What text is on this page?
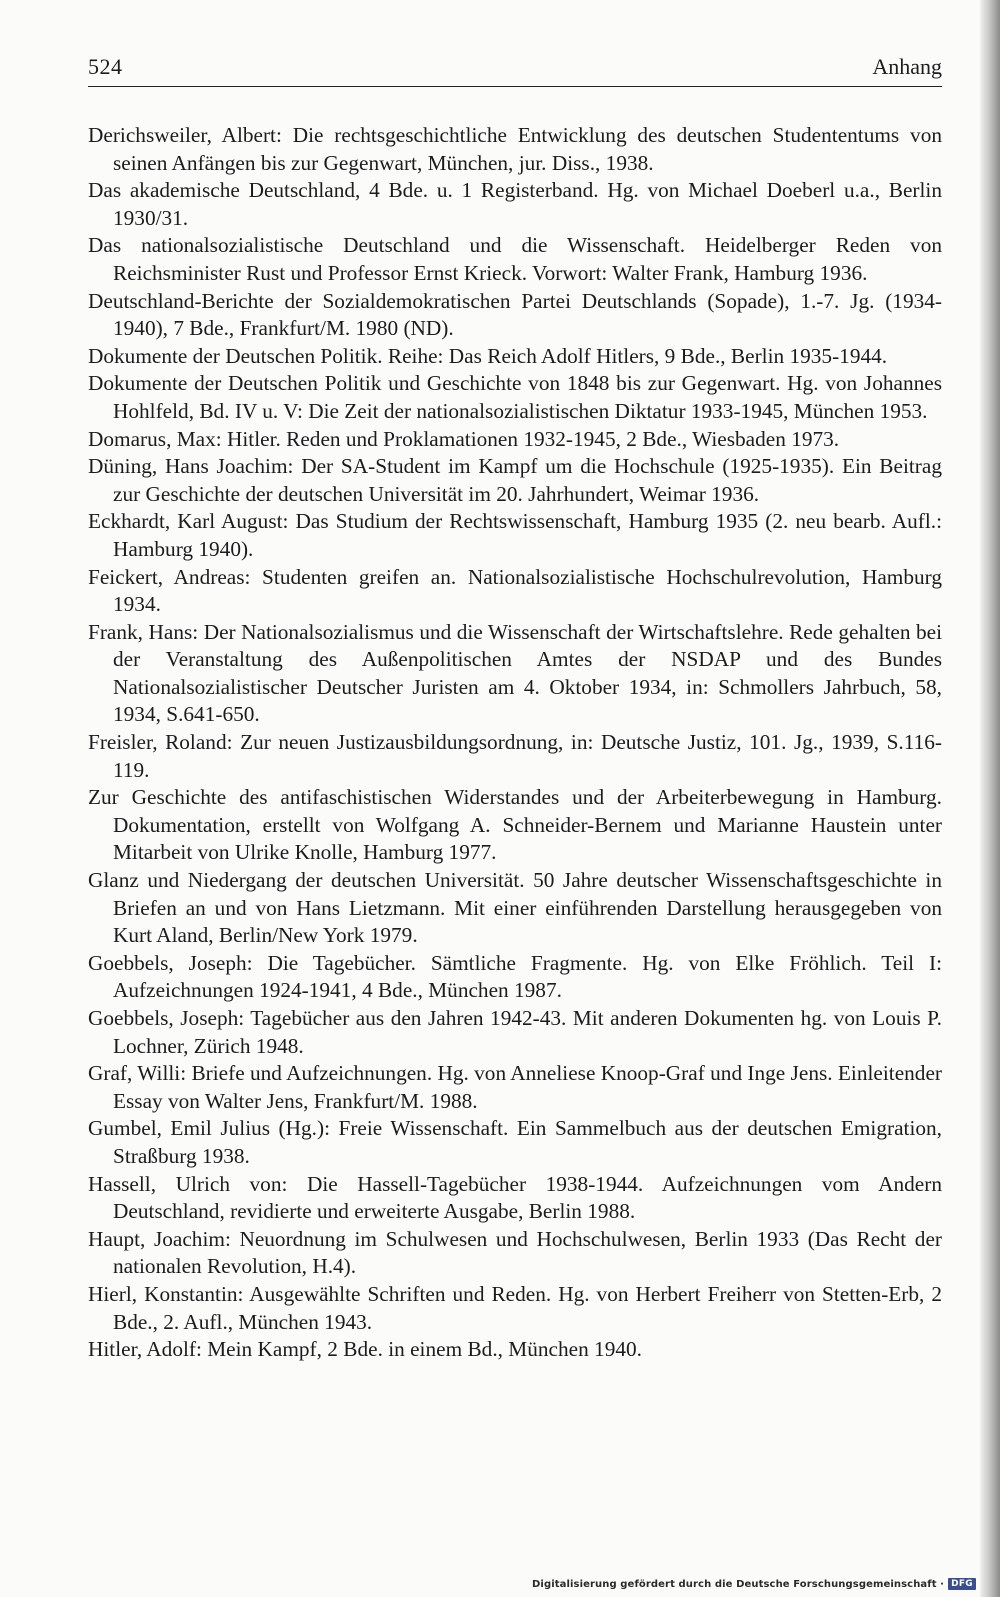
524	Anhang
Derichsweiler, Albert: Die rechtsgeschichtliche Entwicklung des deutschen Studententums von seinen Anfängen bis zur Gegenwart, München, jur. Diss., 1938.
Das akademische Deutschland, 4 Bde. u. 1 Registerband. Hg. von Michael Doeberl u.a., Berlin 1930/31.
Das nationalsozialistische Deutschland und die Wissenschaft. Heidelberger Reden von Reichsminister Rust und Professor Ernst Krieck. Vorwort: Walter Frank, Hamburg 1936.
Deutschland-Berichte der Sozialdemokratischen Partei Deutschlands (Sopade), 1.-7. Jg. (1934-1940), 7 Bde., Frankfurt/M. 1980 (ND).
Dokumente der Deutschen Politik. Reihe: Das Reich Adolf Hitlers, 9 Bde., Berlin 1935-1944.
Dokumente der Deutschen Politik und Geschichte von 1848 bis zur Gegenwart. Hg. von Johannes Hohlfeld, Bd. IV u. V: Die Zeit der nationalsozialistischen Diktatur 1933-1945, München 1953.
Domarus, Max: Hitler. Reden und Proklamationen 1932-1945, 2 Bde., Wiesbaden 1973.
Düning, Hans Joachim: Der SA-Student im Kampf um die Hochschule (1925-1935). Ein Beitrag zur Geschichte der deutschen Universität im 20. Jahrhundert, Weimar 1936.
Eckhardt, Karl August: Das Studium der Rechtswissenschaft, Hamburg 1935 (2. neu bearb. Aufl.: Hamburg 1940).
Feickert, Andreas: Studenten greifen an. Nationalsozialistische Hochschulrevolution, Hamburg 1934.
Frank, Hans: Der Nationalsozialismus und die Wissenschaft der Wirtschaftslehre. Rede gehalten bei der Veranstaltung des Außenpolitischen Amtes der NSDAP und des Bundes Nationalsozialistischer Deutscher Juristen am 4. Oktober 1934, in: Schmollers Jahrbuch, 58, 1934, S.641-650.
Freisler, Roland: Zur neuen Justizausbildungsordnung, in: Deutsche Justiz, 101. Jg., 1939, S.116-119.
Zur Geschichte des antifaschistischen Widerstandes und der Arbeiterbewegung in Hamburg. Dokumentation, erstellt von Wolfgang A. Schneider-Bernem und Marianne Haustein unter Mitarbeit von Ulrike Knolle, Hamburg 1977.
Glanz und Niedergang der deutschen Universität. 50 Jahre deutscher Wissenschaftsgeschichte in Briefen an und von Hans Lietzmann. Mit einer einführenden Darstellung herausgegeben von Kurt Aland, Berlin/New York 1979.
Goebbels, Joseph: Die Tagebücher. Sämtliche Fragmente. Hg. von Elke Fröhlich. Teil I: Aufzeichnungen 1924-1941, 4 Bde., München 1987.
Goebbels, Joseph: Tagebücher aus den Jahren 1942-43. Mit anderen Dokumenten hg. von Louis P. Lochner, Zürich 1948.
Graf, Willi: Briefe und Aufzeichnungen. Hg. von Anneliese Knoop-Graf und Inge Jens. Einleitender Essay von Walter Jens, Frankfurt/M. 1988.
Gumbel, Emil Julius (Hg.): Freie Wissenschaft. Ein Sammelbuch aus der deutschen Emigration, Straßburg 1938.
Hassell, Ulrich von: Die Hassell-Tagebücher 1938-1944. Aufzeichnungen vom Andern Deutschland, revidierte und erweiterte Ausgabe, Berlin 1988.
Haupt, Joachim: Neuordnung im Schulwesen und Hochschulwesen, Berlin 1933 (Das Recht der nationalen Revolution, H.4).
Hierl, Konstantin: Ausgewählte Schriften und Reden. Hg. von Herbert Freiherr von Stetten-Erb, 2 Bde., 2. Aufl., München 1943.
Hitler, Adolf: Mein Kampf, 2 Bde. in einem Bd., München 1940.
Digitalisierung gefördert durch die Deutsche Forschungsgemeinschaft · DFG
